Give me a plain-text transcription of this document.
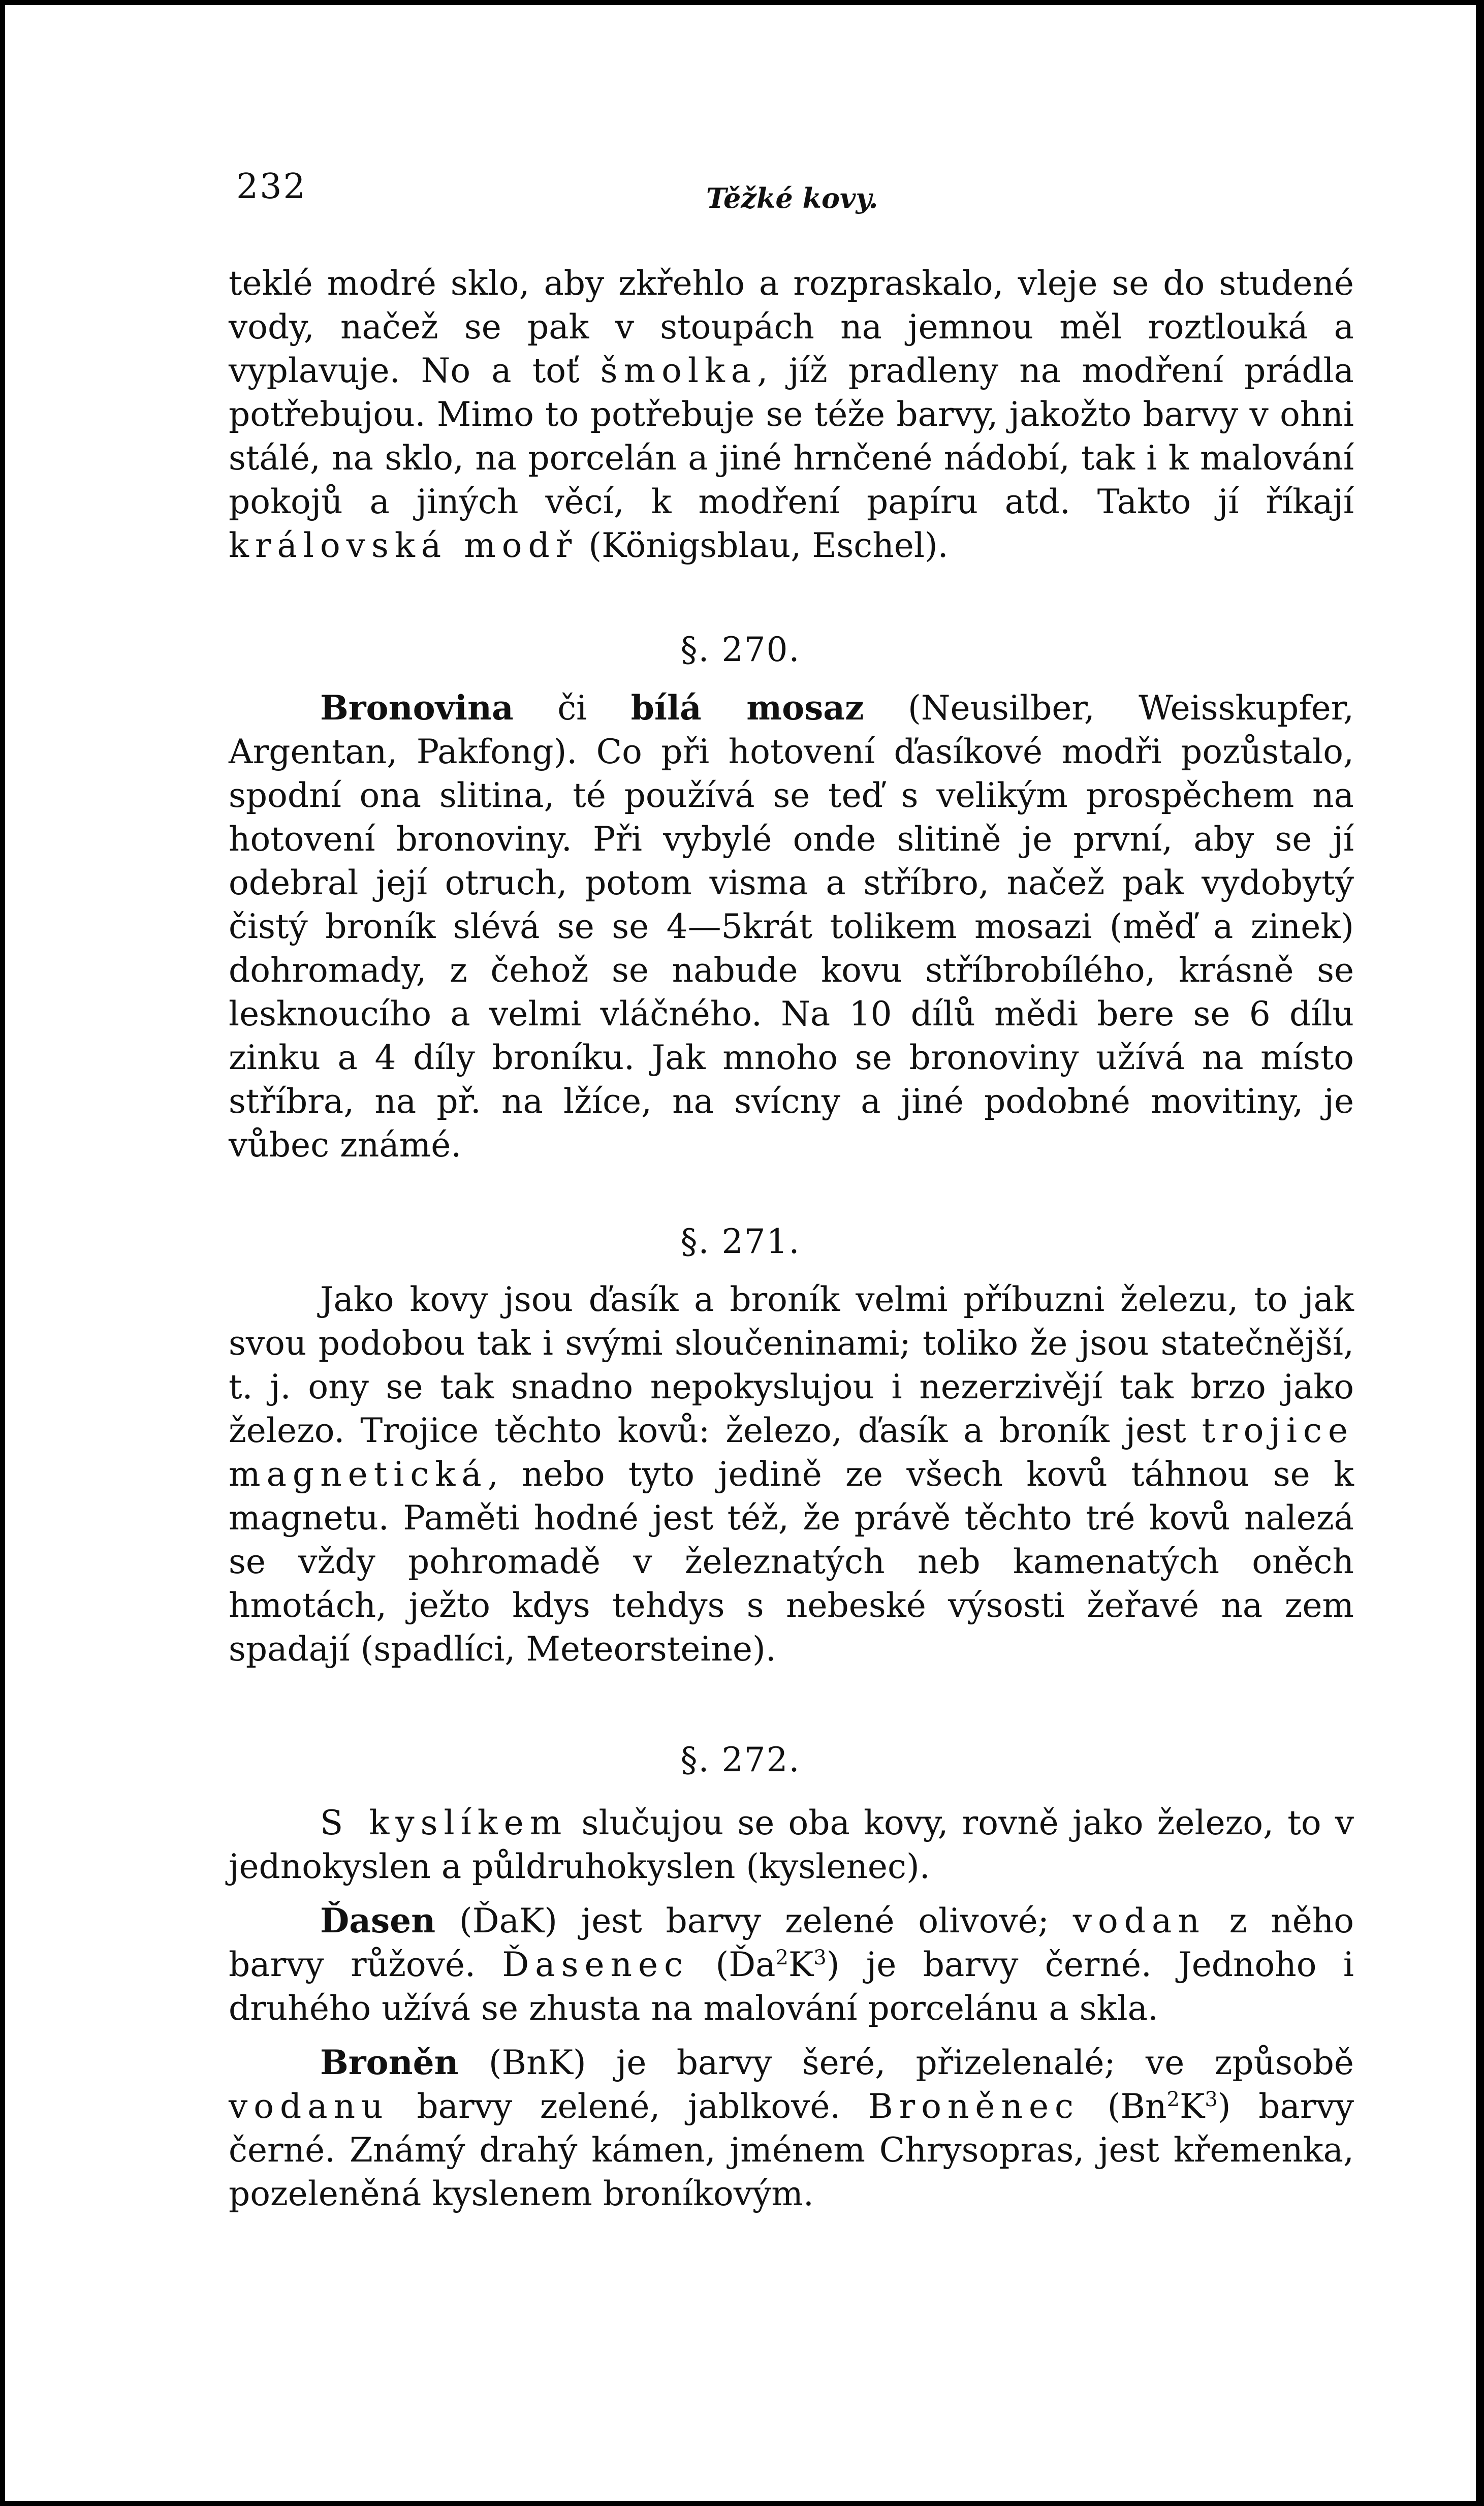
232	Těžké kovy.

teklé modré sklo, aby zkřehlo a rozpraskalo, vleje se do studené vody, načež se pak v stoupách na jemnou měl roztlouká a vyplavuje. No a toť šmolka, jíž pradleny na modření prádla potřebujou. Mimo to potřebuje se téže barvy, jakožto barvy v ohni stálé, na sklo, na porcelán a jiné hrnčené nádobí, tak i k malování pokojů a jiných věcí, k modření papíru atd. Takto jí říkají královská modř (Königsblau, Eschel).

§. 270.

Bronovina či bílá mosaz (Neusilber, Weisskupfer, Argentan, Pakfong). Co při hotovení ďasíkové modři pozůstalo, spodní ona slitina, té používá se teď s velikým prospěchem na hotovení bronoviny. Při vybylé onde slitině je první, aby se jí odebral její otruch, potom visma a stříbro, načež pak vydobytý čistý broník slévá se se 4—5krát tolikem mosazi (měď a zinek) dohromady, z čehož se nabude kovu stříbrobílého, krásně se lesknoucího a velmi vláčného. Na 10 dílů mědi bere se 6 dílu zinku a 4 díly broníku. Jak mnoho se bronoviny užívá na místo stříbra, na př. na lžíce, na svícny a jiné podobné movitiny, je vůbec známé.

§. 271.

Jako kovy jsou ďasík a broník velmi příbuzni železu, to jak svou podobou tak i svými sloučeninami; toliko že jsou statečnější, t. j. ony se tak snadno nepokyslujou i nezerzivějí tak brzo jako železo. Trojice těchto kovů: železo, ďasík a broník jest trojice magnetická, nebo tyto jedině ze všech kovů táhnou se k magnetu. Paměti hodné jest též, že právě těchto tré kovů nalezá se vždy pohromadě v železnatých neb kamenatých oněch hmotách, ježto kdys tehdys s nebeské výsosti žeřavé na zem spadají (spadlíci, Meteorsteine).

§. 272.

S kyslíkem slučujou se oba kovy, rovně jako železo, to v jednokyslen a půldruhokyslen (kyslenec).

Ďasen (ĎaK) jest barvy zelené olivové; vodan z něho barvy růžové. Ďasenec $(Ďa^2K^3)$ je barvy černé. Jednoho i druhého užívá se zhusta na malování porcelánu a skla.

Broněn (BnK) je barvy šeré, přizelenalé; ve způsobě vodanu barvy zelené, jablkové. Broněnec $(Bn^2K^3)$ barvy černé. Známý drahý kámen, jménem Chrysopras, jest křemenka, pozeleněná kyslenem broníkovým.
